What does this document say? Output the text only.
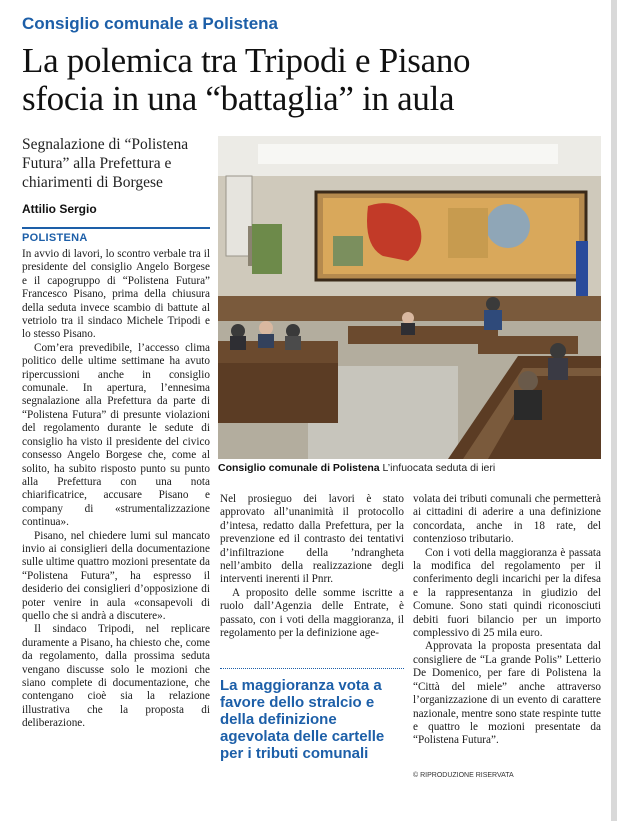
Consiglio comunale a Polistena
La polemica tra Tripodi e Pisano
sfocia in una “battaglia” in aula
Segnalazione di “Polistena Futura” alla Prefettura e chiarimenti di Borgese
Attilio Sergio
POLISTENA

In avvio di lavori, lo scontro verbale tra il presidente del consiglio Angelo Borgese e il capogruppo di “Polistena Futura” Francesco Pisano, prima della chiusura della seduta invece scambio di battute al vetriolo tra il sindaco Michele Tripodi e lo stesso Pisano.

Com’era prevedibile, l’accesso clima politico delle ultime settimane ha avuto ripercussioni anche in consiglio comunale. In apertura, l’ennesima segnalazione alla Prefettura da parte di “Polistena Futura” di presunte violazioni del regolamento durante le sedute di consiglio ha visto il presidente del civico consesso Angelo Borgese che, come al solito, ha subito risposto punto su punto alla Prefettura con una nota chiarificatrice, accusare Pisano e company di «strumentalizzazione continua».

Pisano, nel chiedere lumi sul mancato invio ai consiglieri della documentazione sulle ultime quattro mozioni presentate da “Polistena Futura”, ha espresso il desiderio dei consiglieri d’opposizione di poter venire in aula «consapevoli di quello che si andrà a discutere».

Il sindaco Tripodi, nel replicare duramente a Pisano, ha chiesto che, come da regolamento, dalla prossima seduta vengano discusse solo le mozioni che siano complete di documentazione, che contengano cioè sia la relazione illustrativa che la proposta di deliberazione.

Consiglio comunale di Polistena L’infuocata seduta di ieri

Nel prosieguo dei lavori è stato approvato all’unanimità il protocollo d’intesa, redatto dalla Prefettura, per la prevenzione ed il contrasto dei tentativi d’infiltrazione della ’ndrangheta nell’ambito della realizzazione degli interventi inerenti il Pnrr.

A proposito delle somme iscritte a ruolo dall’Agenzia delle Entrate, è passato, con i voti della maggioranza, il regolamento per la definizione age-

La maggioranza vota a favore dello stralcio e della definizione agevolata delle cartelle per i tributi comunali

volata dei tributi comunali che permetterà ai cittadini di aderire a una definizione concordata, anche in 18 rate, del contenzioso tributario.

Con i voti della maggioranza è passata la modifica del regolamento per il conferimento degli incarichi per la difesa e la rappresentanza in giudizio del Comune. Sono stati quindi riconosciuti debiti fuori bilancio per un importo complessivo di 25 mila euro.

Approvata la proposta presentata dal consigliere de “La grande Polis” Letterio De Domenico, per fare di Polistena la “Città del miele” anche attraverso l’organizzazione di un evento di carattere nazionale, mentre sono state respinte tutte e quattro le mozioni presentate da “Polistena Futura”.

© RIPRODUZIONE RISERVATA
